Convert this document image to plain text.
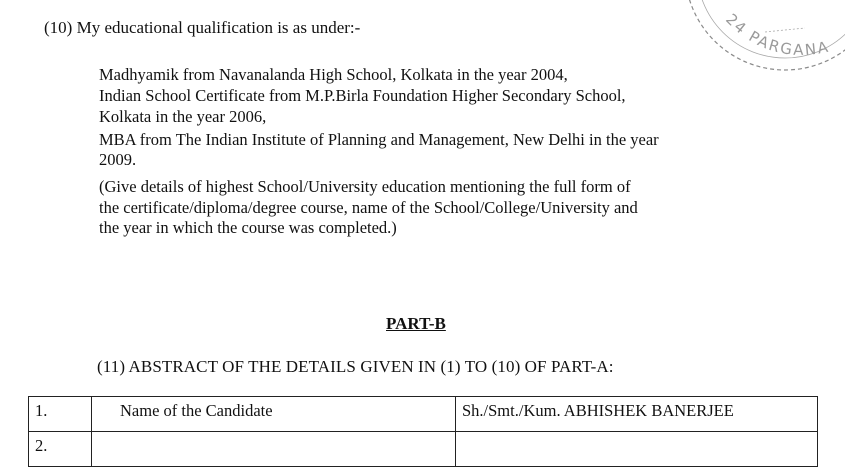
24 PARGANA
(10) My educational qualification is as under:-
Madhyamik from Navanalanda High School, Kolkata in the year 2004,
Indian School Certificate from M.P.Birla Foundation Higher Secondary School,
Kolkata in the year 2006,
MBA from The Indian Institute of Planning and Management, New Delhi in the year
2009.
(Give details of highest School/University education mentioning the full form of
the certificate/diploma/degree course, name of the School/College/University and
the year in which the course was completed.)
PART-B
(11) ABSTRACT OF THE DETAILS GIVEN IN (1) TO (10) OF PART-A:
1.	Name of the Candidate	Sh./Smt./Kum. ABHISHEK BANERJEE
2.		
